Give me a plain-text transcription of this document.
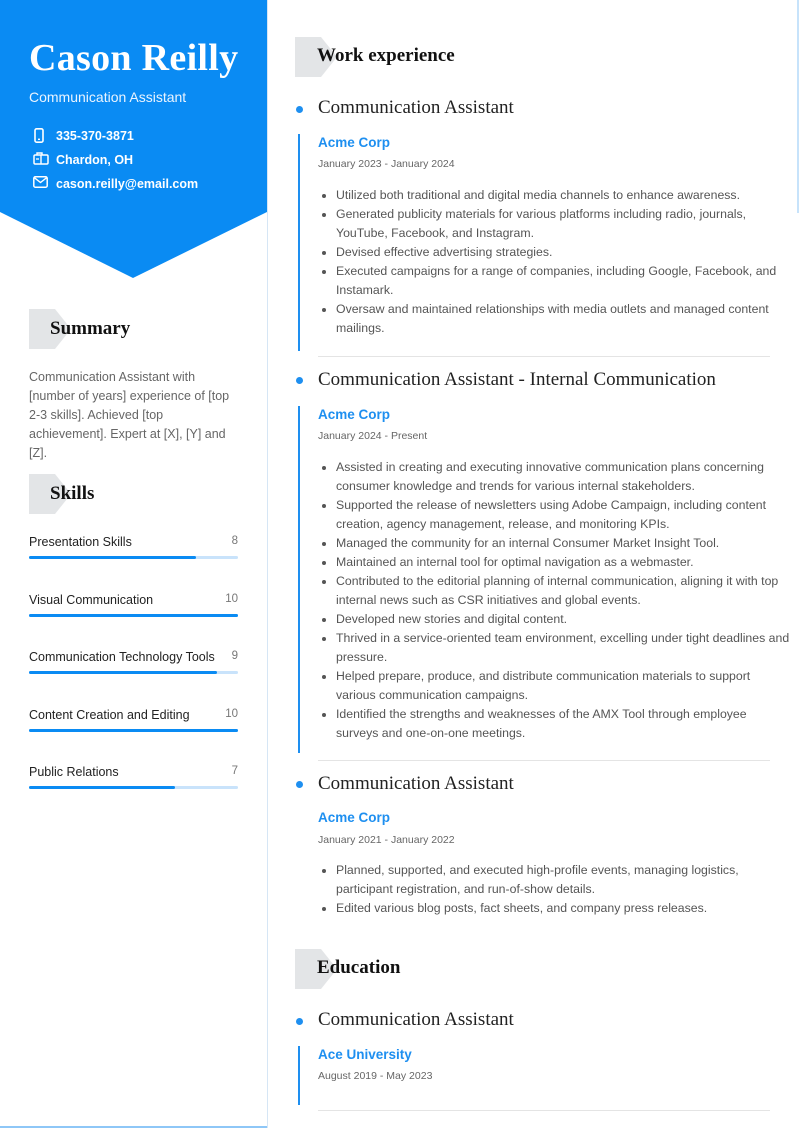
Cason Reilly
Communication Assistant
335-370-3871
Chardon, OH
cason.reilly@email.com
Summary
Communication Assistant with [number of years] experience of [top 2-3 skills]. Achieved [top achievement]. Expert at [X], [Y] and [Z].
Skills
Presentation Skills	8
Visual Communication	10
Communication Technology Tools	9
Content Creation and Editing	10
Public Relations	7
Work experience
Communication Assistant
Acme Corp
January 2023 - January 2024
• Utilized both traditional and digital media channels to enhance awareness.
• Generated publicity materials for various platforms including radio, journals, YouTube, Facebook, and Instagram.
• Devised effective advertising strategies.
• Executed campaigns for a range of companies, including Google, Facebook, and Instamark.
• Oversaw and maintained relationships with media outlets and managed content mailings.
Communication Assistant - Internal Communication
Acme Corp
January 2024 - Present
• Assisted in creating and executing innovative communication plans concerning consumer knowledge and trends for various internal stakeholders.
• Supported the release of newsletters using Adobe Campaign, including content creation, agency management, release, and monitoring KPIs.
• Managed the community for an internal Consumer Market Insight Tool.
• Maintained an internal tool for optimal navigation as a webmaster.
• Contributed to the editorial planning of internal communication, aligning it with top internal news such as CSR initiatives and global events.
• Developed new stories and digital content.
• Thrived in a service-oriented team environment, excelling under tight deadlines and pressure.
• Helped prepare, produce, and distribute communication materials to support various communication campaigns.
• Identified the strengths and weaknesses of the AMX Tool through employee surveys and one-on-one meetings.
Communication Assistant
Acme Corp
January 2021 - January 2022
• Planned, supported, and executed high-profile events, managing logistics, participant registration, and run-of-show details.
• Edited various blog posts, fact sheets, and company press releases.
Education
Communication Assistant
Ace University
August 2019 - May 2023
